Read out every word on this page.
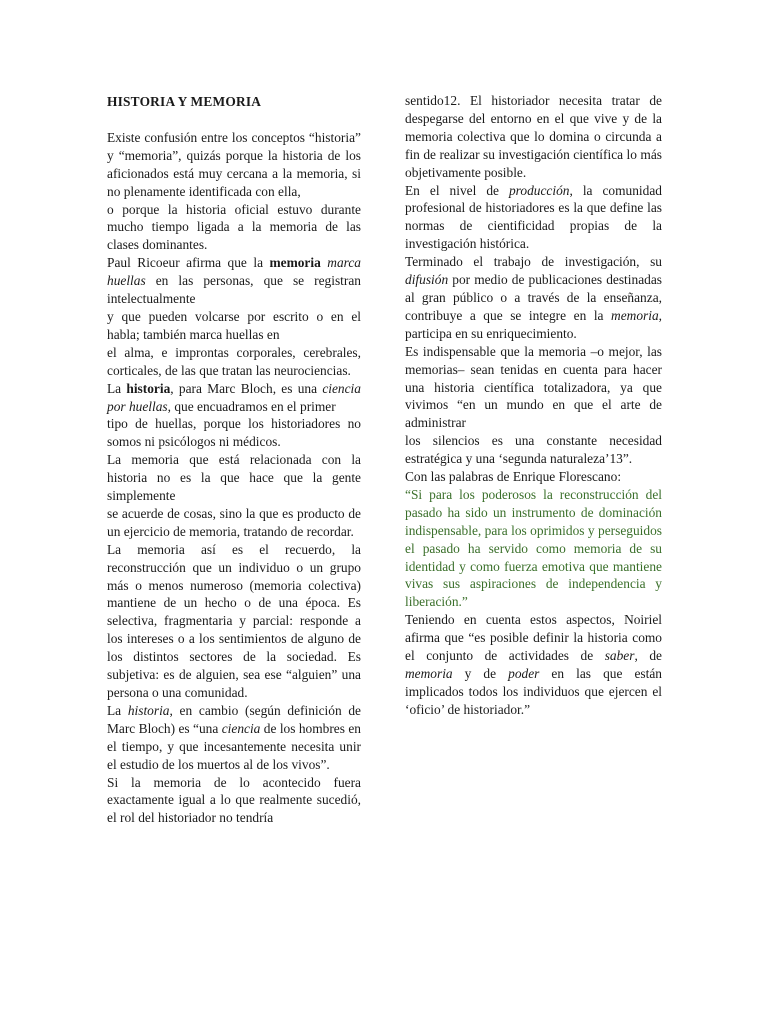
HISTORIA Y MEMORIA

Existe confusión entre los conceptos “historia” y “memoria”, quizás porque la historia de los aficionados está muy cercana a la memoria, si no plenamente identificada con ella,

o porque la historia oficial estuvo durante mucho tiempo ligada a la memoria de las clases dominantes.

Paul Ricoeur afirma que la memoria marca huellas en las personas, que se registran intelectualmente

y que pueden volcarse por escrito o en el habla; también marca huellas en

el alma, e improntas corporales, cerebrales, corticales, de las que tratan las neurociencias.

La historia, para Marc Bloch, es una ciencia por huellas, que encuadramos en el primer

tipo de huellas, porque los historiadores no somos ni psicólogos ni médicos.

La memoria que está relacionada con la historia no es la que hace que la gente simplemente

se acuerde de cosas, sino la que es producto de un ejercicio de memoria, tratando de recordar.

La memoria así es el recuerdo, la reconstrucción que un individuo o un grupo más o menos numeroso (memoria colectiva) mantiene de un hecho o de una época. Es selectiva, fragmentaria y parcial: responde a los intereses o a los sentimientos de alguno de los distintos sectores de la sociedad. Es subjetiva: es de alguien, sea ese “alguien” una persona o una comunidad.

La historia, en cambio (según definición de Marc Bloch) es “una ciencia de los hombres en el tiempo, y que incesantemente necesita unir el estudio de los muertos al de los vivos”.

Si la memoria de lo acontecido fuera exactamente igual a lo que realmente sucedió, el rol del historiador no tendría

sentido12. El historiador necesita tratar de despegarse del entorno en el que vive y de la memoria colectiva que lo domina o circunda a fin de realizar su investigación científica lo más objetivamente posible.

En el nivel de producción, la comunidad profesional de historiadores es la que define las normas de cientificidad propias de la investigación histórica.

Terminado el trabajo de investigación, su difusión por medio de publicaciones destinadas al gran público o a través de la enseñanza, contribuye a que se integre en la memoria, participa en su enriquecimiento.

Es indispensable que la memoria –o mejor, las memorias– sean tenidas en cuenta para hacer una historia científica totalizadora, ya que vivimos “en un mundo en que el arte de administrar

los silencios es una constante necesidad estratégica y una ‘segunda naturaleza’13”.

Con las palabras de Enrique Florescano:

“Si para los poderosos la reconstrucción del pasado ha sido un instrumento de dominación indispensable, para los oprimidos y perseguidos el pasado ha servido como memoria de su identidad y como fuerza emotiva que mantiene vivas sus aspiraciones de independencia y liberación.”

Teniendo en cuenta estos aspectos, Noiriel afirma que “es posible definir la historia como el conjunto de actividades de saber, de memoria y de poder en las que están implicados todos los individuos que ejercen el ‘oficio’ de historiador.”
